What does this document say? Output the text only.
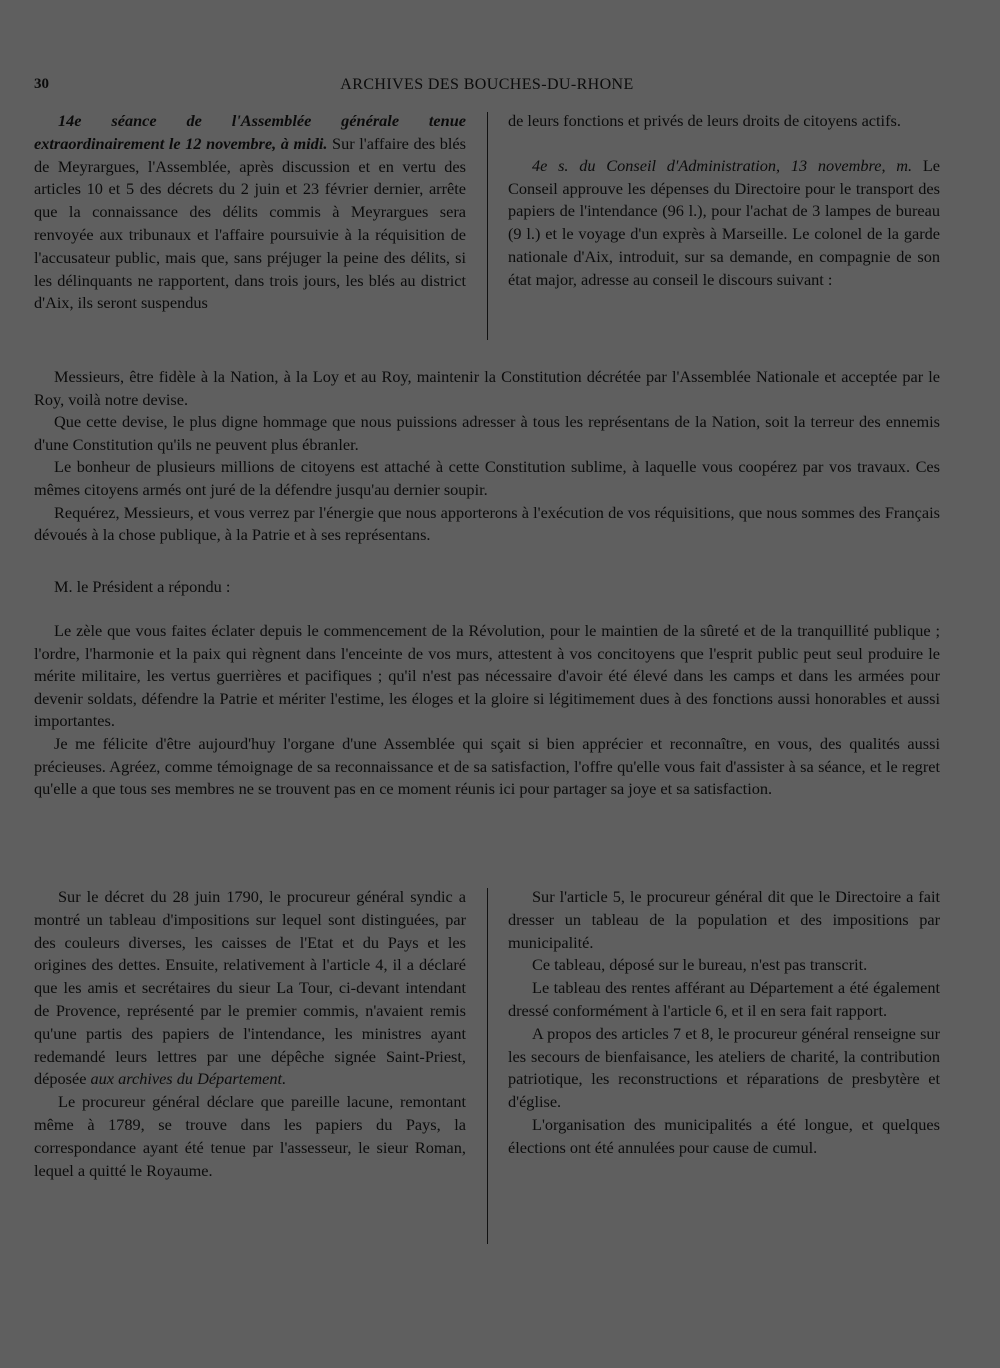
30	ARCHIVES DES BOUCHES-DU-RHONE

14e séance de l'Assemblée générale tenue extraordinairement le 12 novembre, à midi. Sur l'affaire des blés de Meyrargues, l'Assemblée, après discussion et en vertu des articles 10 et 5 des décrets du 2 juin et 23 février dernier, arrête que la connaissance des délits commis à Meyrargues sera renvoyée aux tribunaux et l'affaire poursuivie à la réquisition de l'accusateur public, mais que, sans préjuger la peine des délits, si les délinquants ne rapportent, dans trois jours, les blés au district d'Aix, ils seront suspendus

de leurs fonctions et privés de leurs droits de citoyens actifs.

4e s. du Conseil d'Administration, 13 novembre, m. Le Conseil approuve les dépenses du Directoire pour le transport des papiers de l'intendance (96 l.), pour l'achat de 3 lampes de bureau (9 l.) et le voyage d'un exprès à Marseille. Le colonel de la garde nationale d'Aix, introduit, sur sa demande, en compagnie de son état major, adresse au conseil le discours suivant :

Messieurs, être fidèle à la Nation, à la Loy et au Roy, maintenir la Constitution décrétée par l'Assemblée Nationale et acceptée par le Roy, voilà notre devise.

Que cette devise, le plus digne hommage que nous puissions adresser à tous les représentans de la Nation, soit la terreur des ennemis d'une Constitution qu'ils ne peuvent plus ébranler.

Le bonheur de plusieurs millions de citoyens est attaché à cette Constitution sublime, à laquelle vous coopérez par vos travaux. Ces mêmes citoyens armés ont juré de la défendre jusqu'au dernier soupir.

Requérez, Messieurs, et vous verrez par l'énergie que nous apporterons à l'exécution de vos réquisitions, que nous sommes des Français dévoués à la chose publique, à la Patrie et à ses représentans.

M. le Président a répondu :

Le zèle que vous faites éclater depuis le commencement de la Révolution, pour le maintien de la sûreté et de la tranquillité publique ; l'ordre, l'harmonie et la paix qui règnent dans l'enceinte de vos murs, attestent à vos concitoyens que l'esprit public peut seul produire le mérite militaire, les vertus guerrières et pacifiques ; qu'il n'est pas nécessaire d'avoir été élevé dans les camps et dans les armées pour devenir soldats, défendre la Patrie et mériter l'estime, les éloges et la gloire si légitimement dues à des fonctions aussi honorables et aussi importantes.

Je me félicite d'être aujourd'huy l'organe d'une Assemblée qui sçait si bien apprécier et reconnaître, en vous, des qualités aussi précieuses. Agréez, comme témoignage de sa reconnaissance et de sa satisfaction, l'offre qu'elle vous fait d'assister à sa séance, et le regret qu'elle a que tous ses membres ne se trouvent pas en ce moment réunis ici pour partager sa joye et sa satisfaction.

Sur le décret du 28 juin 1790, le procureur général syndic a montré un tableau d'impositions sur lequel sont distinguées, par des couleurs diverses, les caisses de l'Etat et du Pays et les origines des dettes. Ensuite, relativement à l'article 4, il a déclaré que les amis et secrétaires du sieur La Tour, ci-devant intendant de Provence, représenté par le premier commis, n'avaient remis qu'une partis des papiers de l'intendance, les ministres ayant redemandé leurs lettres par une dépêche signée Saint-Priest, déposée aux archives du Département.

Le procureur général déclare que pareille lacune, remontant même à 1789, se trouve dans les papiers du Pays, la correspondance ayant été tenue par l'assesseur, le sieur Roman, lequel a quitté le Royaume.

Sur l'article 5, le procureur général dit que le Directoire a fait dresser un tableau de la population et des impositions par municipalité.

Ce tableau, déposé sur le bureau, n'est pas transcrit.

Le tableau des rentes afférant au Département a été également dressé conformément à l'article 6, et il en sera fait rapport.

A propos des articles 7 et 8, le procureur général renseigne sur les secours de bienfaisance, les ateliers de charité, la contribution patriotique, les reconstructions et réparations de presbytère et d'église.

L'organisation des municipalités a été longue, et quelques élections ont été annulées pour cause de cumul.
